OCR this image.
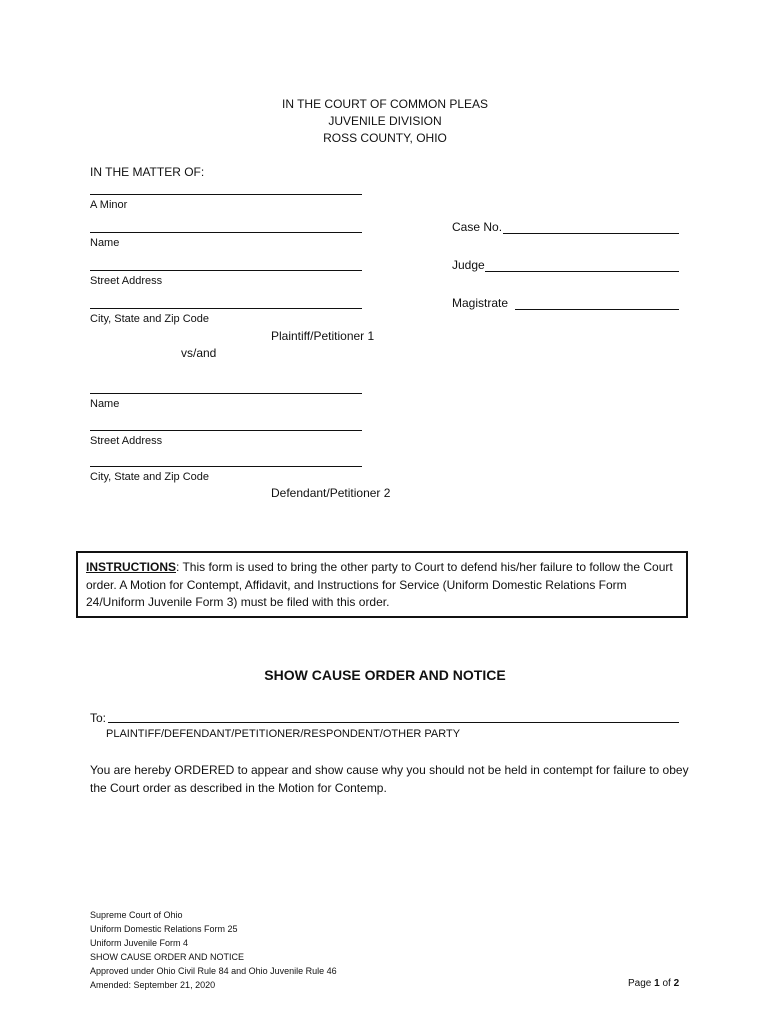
IN THE COURT OF COMMON PLEAS
JUVENILE DIVISION
ROSS COUNTY, OHIO
IN THE MATTER OF:
A Minor
Name
Street Address
City, State and Zip Code
Plaintiff/Petitioner 1
vs/and
Name
Street Address
City, State and Zip Code
Defendant/Petitioner 2
Case No.
Judge
Magistrate
INSTRUCTIONS: This form is used to bring the other party to Court to defend his/her failure to follow the Court order. A Motion for Contempt, Affidavit, and Instructions for Service (Uniform Domestic Relations Form 24/Uniform Juvenile Form 3) must be filed with this order.
SHOW CAUSE ORDER AND NOTICE
To:
PLAINTIFF/DEFENDANT/PETITIONER/RESPONDENT/OTHER PARTY
You are hereby ORDERED to appear and show cause why you should not be held in contempt for failure to obey the Court order as described in the Motion for Contemp.
Supreme Court of Ohio
Uniform Domestic Relations Form 25
Uniform Juvenile Form 4
SHOW CAUSE ORDER AND NOTICE
Approved under Ohio Civil Rule 84 and Ohio Juvenile Rule 46
Amended: September 21, 2020	Page 1 of 2
